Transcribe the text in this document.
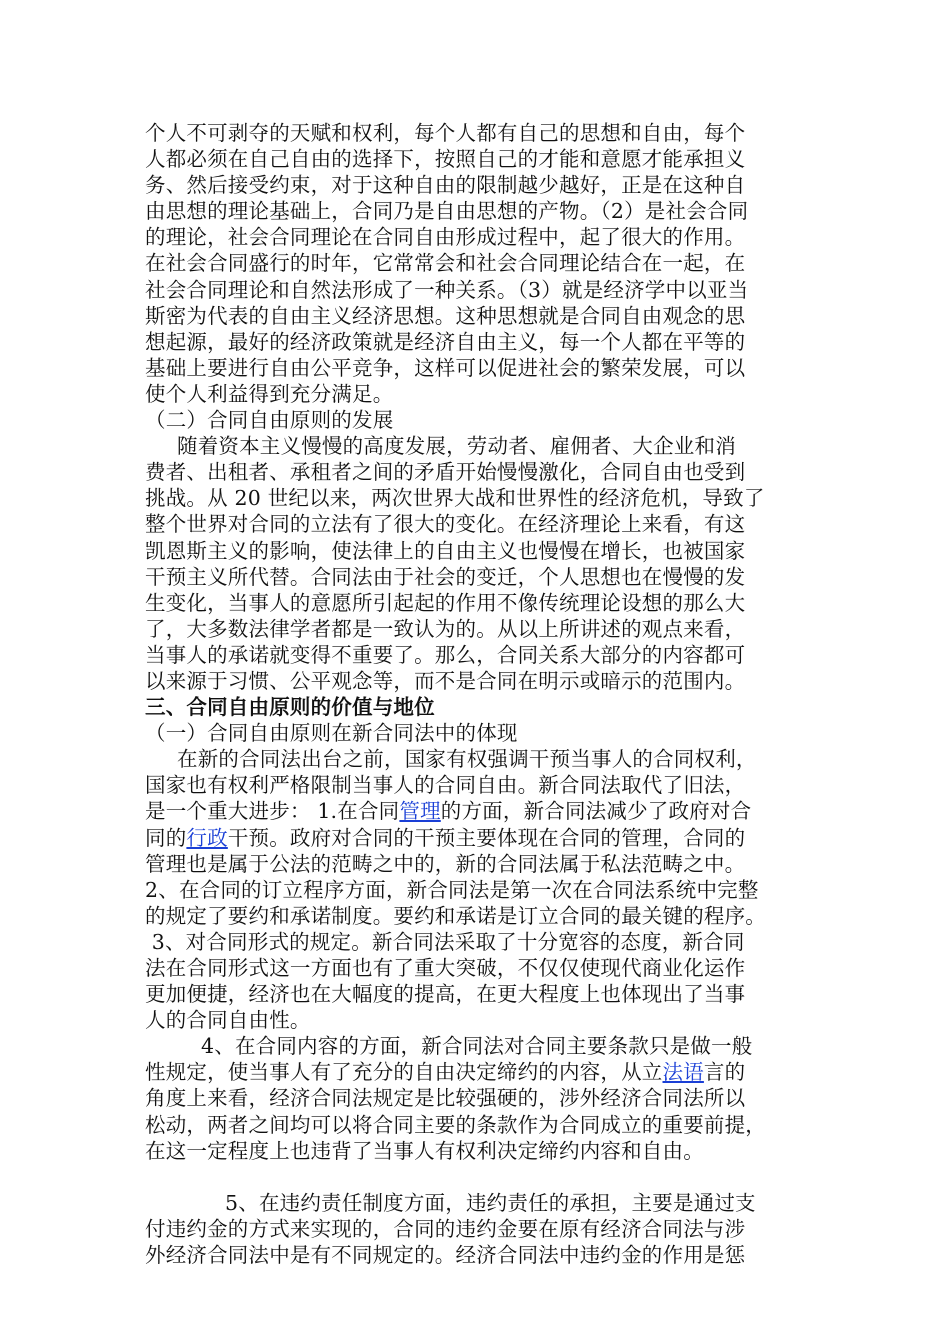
个人不可剥夺的天赋和权利，每个人都有自己的思想和自由，每个
人都必须在自己自由的选择下，按照自己的才能和意愿才能承担义
务、然后接受约束，对于这种自由的限制越少越好，正是在这种自
由思想的理论基础上，合同乃是自由思想的产物。（2）是社会合同
的理论，社会合同理论在合同自由形成过程中，起了很大的作用。
在社会合同盛行的时年，它常常会和社会合同理论结合在一起，在
社会合同理论和自然法形成了一种关系。（3）就是经济学中以亚当
斯密为代表的自由主义经济思想。这种思想就是合同自由观念的思
想起源，最好的经济政策就是经济自由主义，每一个人都在平等的
基础上要进行自由公平竞争，这样可以促进社会的繁荣发展，可以
使个人利益得到充分满足。
（二）合同自由原则的发展
随着资本主义慢慢的高度发展，劳动者、雇佣者、大企业和消
费者、出租者、承租者之间的矛盾开始慢慢激化，合同自由也受到
挑战。从 20 世纪以来，两次世界大战和世界性的经济危机，导致了
整个世界对合同的立法有了很大的变化。在经济理论上来看，有这
凯恩斯主义的影响，使法律上的自由主义也慢慢在增长，也被国家
干预主义所代替。合同法由于社会的变迁，个人思想也在慢慢的发
生变化，当事人的意愿所引起起的作用不像传统理论设想的那么大
了，大多数法律学者都是一致认为的。从以上所讲述的观点来看，
当事人的承诺就变得不重要了。那么，合同关系大部分的内容都可
以来源于习惯、公平观念等，而不是合同在明示或暗示的范围内。
三、合同自由原则的价值与地位
（一）合同自由原则在新合同法中的体现
在新的合同法出台之前，国家有权强调干预当事人的合同权利，
国家也有权利严格限制当事人的合同自由。新合同法取代了旧法，
是一个重大进步： 1.在合同管理的方面，新合同法减少了政府对合
同的行政干预。政府对合同的干预主要体现在合同的管理，合同的
管理也是属于公法的范畴之中的，新的合同法属于私法范畴之中。
2、在合同的订立程序方面，新合同法是第一次在合同法系统中完整
的规定了要约和承诺制度。要约和承诺是订立合同的最关键的程序。
3、对合同形式的规定。新合同法采取了十分宽容的态度，新合同
法在合同形式这一方面也有了重大突破，不仅仅使现代商业化运作
更加便捷，经济也在大幅度的提高，在更大程度上也体现出了当事
人的合同自由性。
4、在合同内容的方面，新合同法对合同主要条款只是做一般
性规定，使当事人有了充分的自由决定缔约的内容，从立法语言的
角度上来看，经济合同法规定是比较强硬的，涉外经济合同法所以
松动，两者之间均可以将合同主要的条款作为合同成立的重要前提，
在这一定程度上也违背了当事人有权利决定缔约内容和自由。
5、在违约责任制度方面，违约责任的承担，主要是通过支
付违约金的方式来实现的，合同的违约金要在原有经济合同法与涉
外经济合同法中是有不同规定的。经济合同法中违约金的作用是惩
